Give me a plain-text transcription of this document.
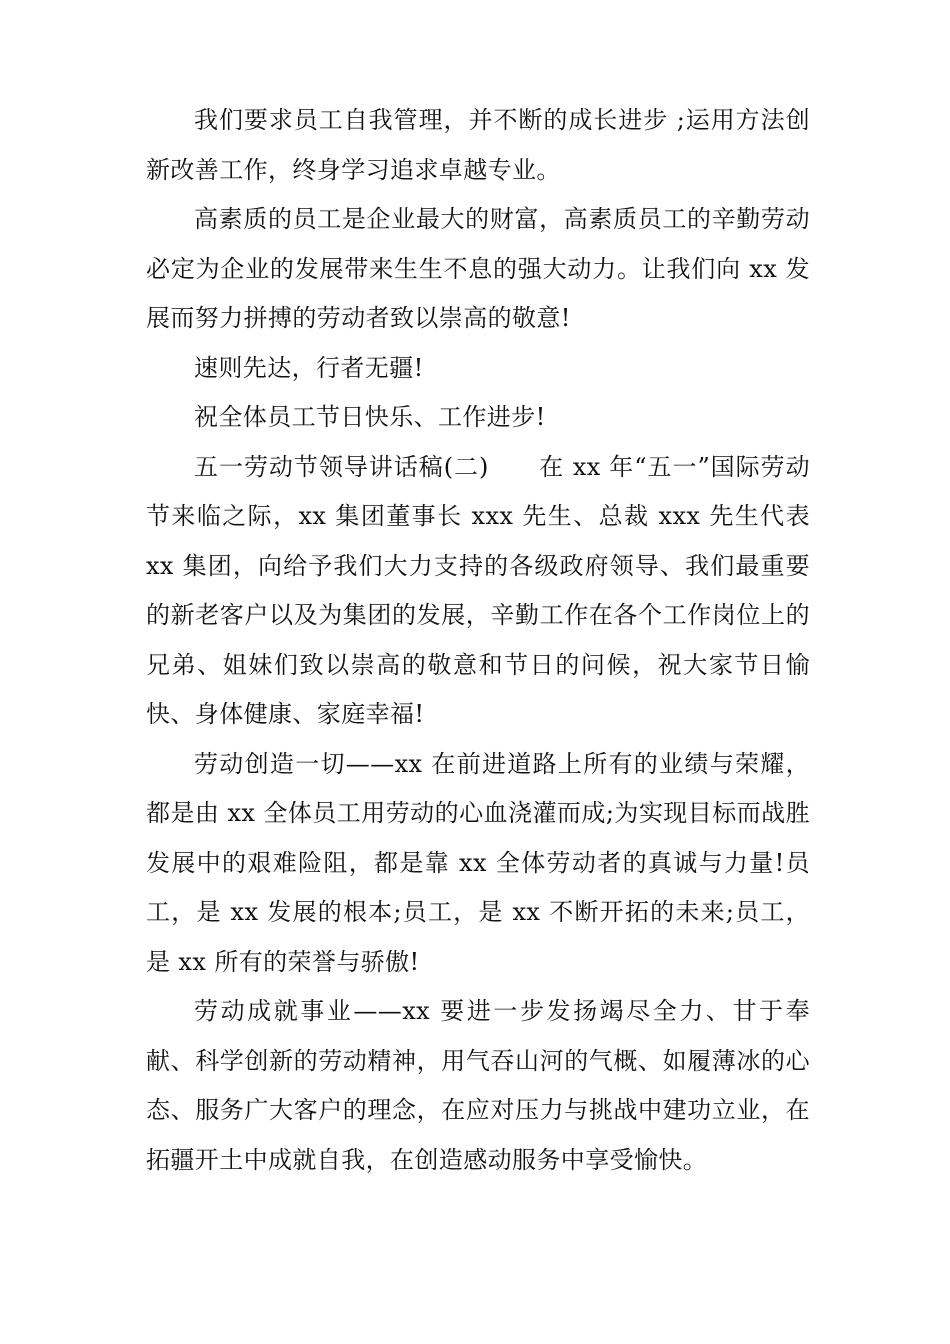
我们要求员工自我管理，并不断的成长进步 ;运用方法创新改善工作，终身学习追求卓越专业。

高素质的员工是企业最大的财富，高素质员工的辛勤劳动必定为企业的发展带来生生不息的强大动力。让我们向 xx 发展而努力拼搏的劳动者致以崇高的敬意!

速则先达，行者无疆!

祝全体员工节日快乐、工作进步!

五一劳动节领导讲话稿(二)　　在 xx 年“五一”国际劳动节来临之际，xx 集团董事长 xxx 先生、总裁 xxx 先生代表 xx 集团，向给予我们大力支持的各级政府领导、我们最重要的新老客户以及为集团的发展，辛勤工作在各个工作岗位上的兄弟、姐妹们致以崇高的敬意和节日的问候，祝大家节日愉快、身体健康、家庭幸福!

劳动创造一切——xx 在前进道路上所有的业绩与荣耀，都是由 xx 全体员工用劳动的心血浇灌而成;为实现目标而战胜发展中的艰难险阻，都是靠 xx 全体劳动者的真诚与力量!员工，是 xx 发展的根本;员工，是 xx 不断开拓的未来;员工，是 xx 所有的荣誉与骄傲!

劳动成就事业——xx 要进一步发扬竭尽全力、甘于奉献、科学创新的劳动精神，用气吞山河的气概、如履薄冰的心态、服务广大客户的理念，在应对压力与挑战中建功立业，在拓疆开土中成就自我，在创造感动服务中享受愉快。
